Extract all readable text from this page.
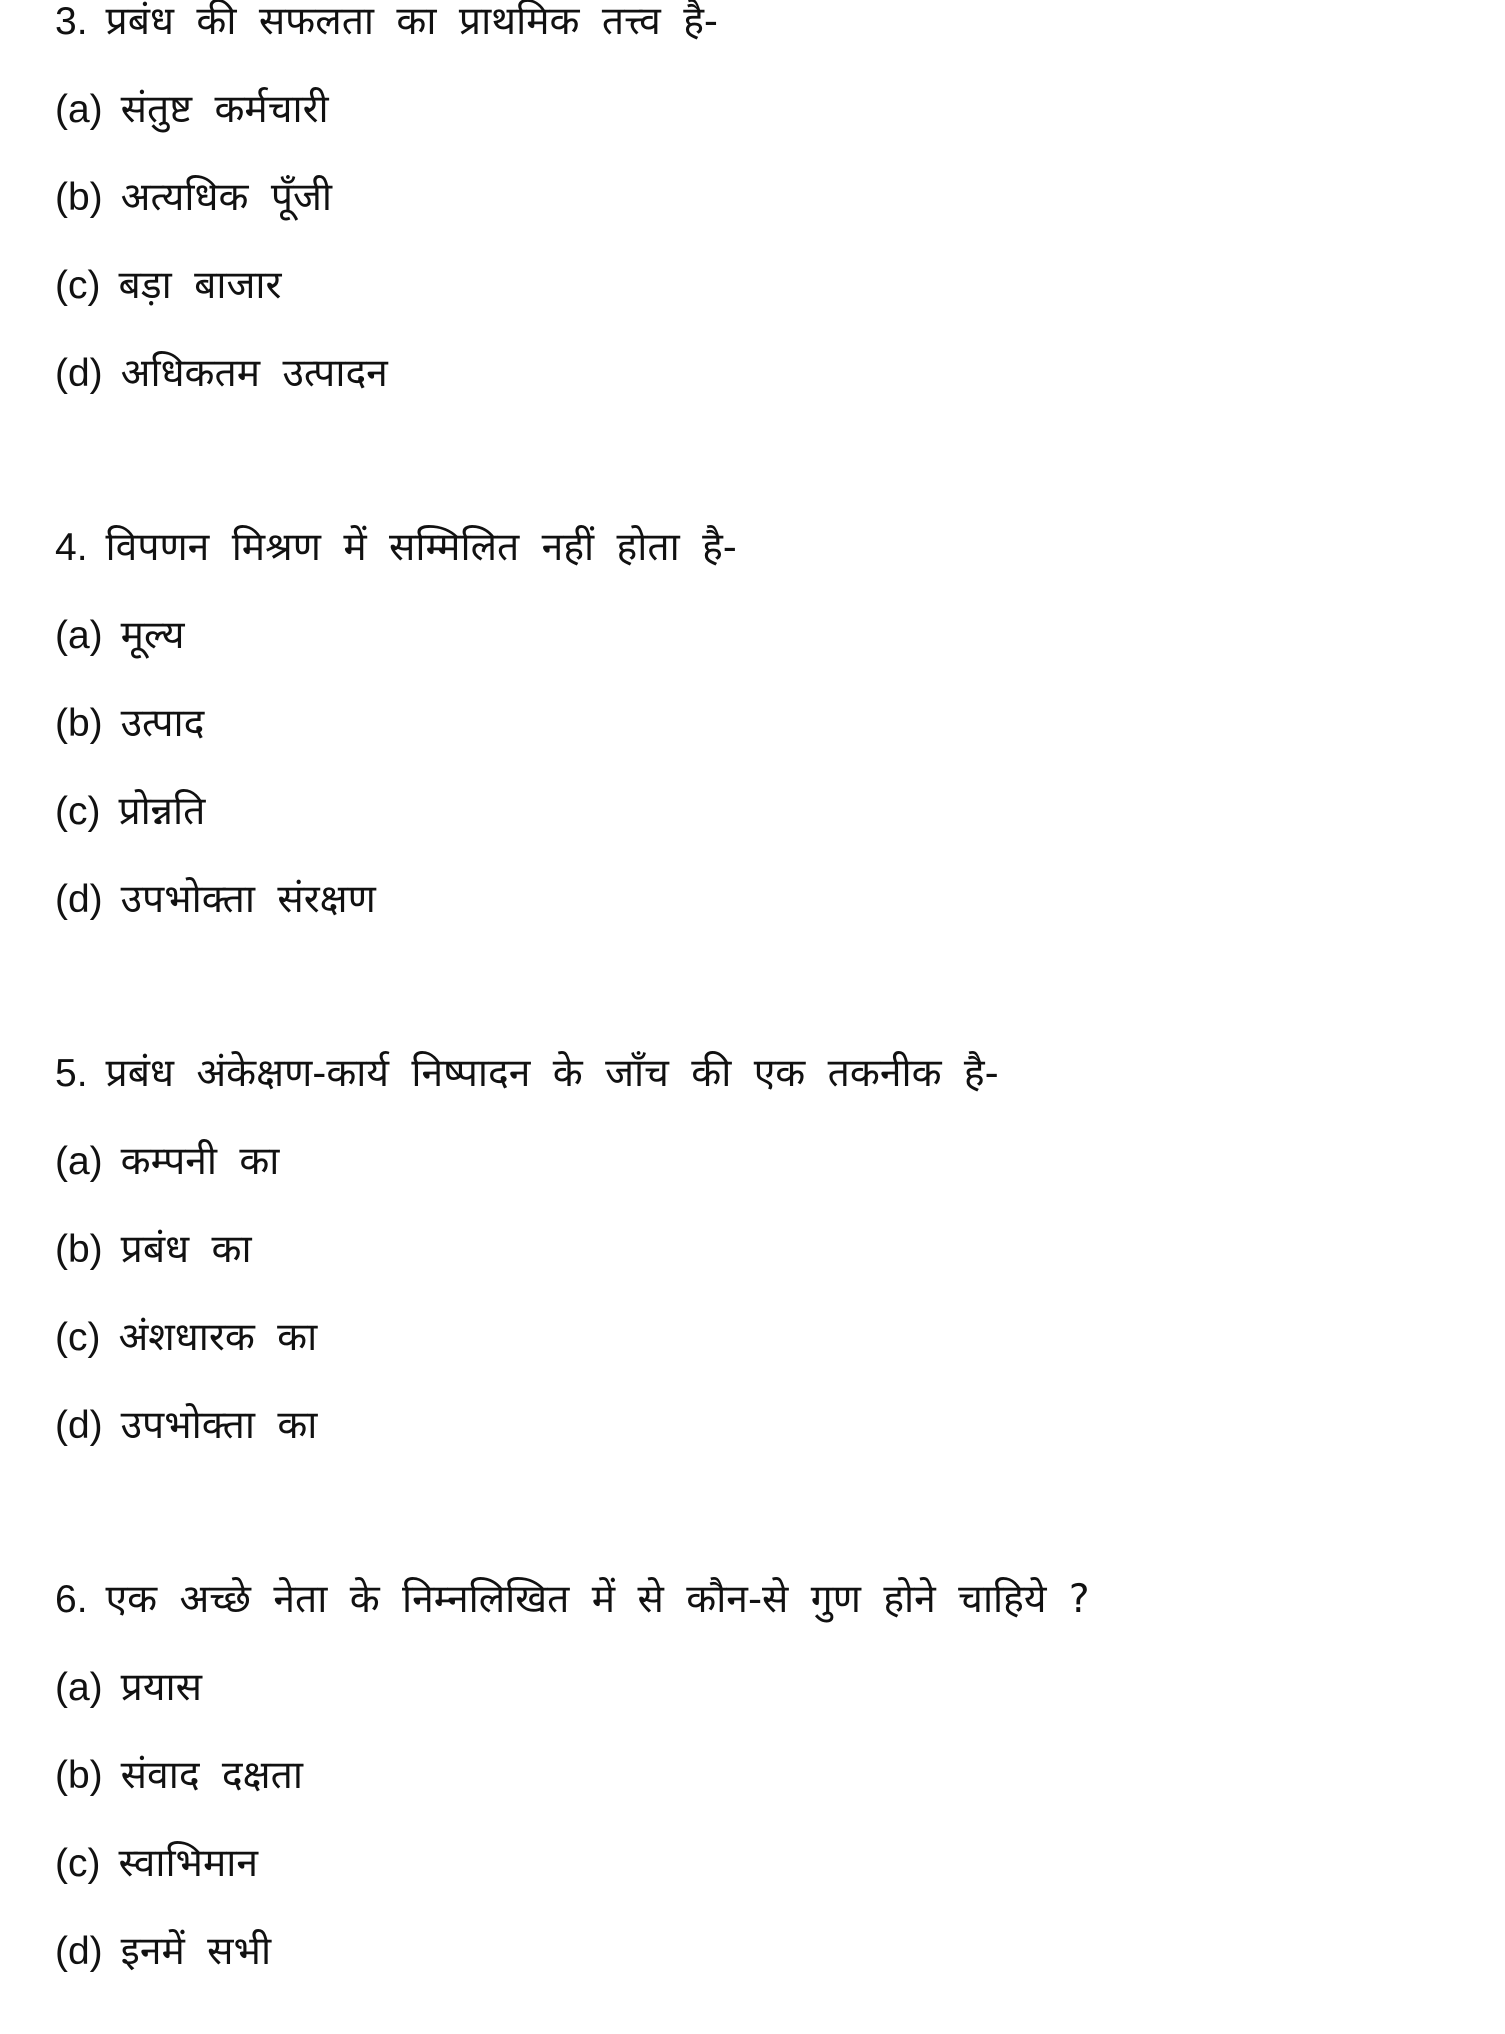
3. प्रबंध की सफलता का प्राथमिक तत्त्व है-
(a) संतुष्ट कर्मचारी
(b) अत्यधिक पूँजी
(c) बड़ा बाजार
(d) अधिकतम उत्पादन
4. विपणन मिश्रण में सम्मिलित नहीं होता है-
(a) मूल्य
(b) उत्पाद
(c) प्रोन्नति
(d) उपभोक्ता संरक्षण
5. प्रबंध अंकेक्षण-कार्य निष्पादन के जाँच की एक तकनीक है-
(a) कम्पनी का
(b) प्रबंध का
(c) अंशधारक का
(d) उपभोक्ता का
6. एक अच्छे नेता के निम्नलिखित में से कौन-से गुण होने चाहिये ?
(a) प्रयास
(b) संवाद दक्षता
(c) स्वाभिमान
(d) इनमें सभी
